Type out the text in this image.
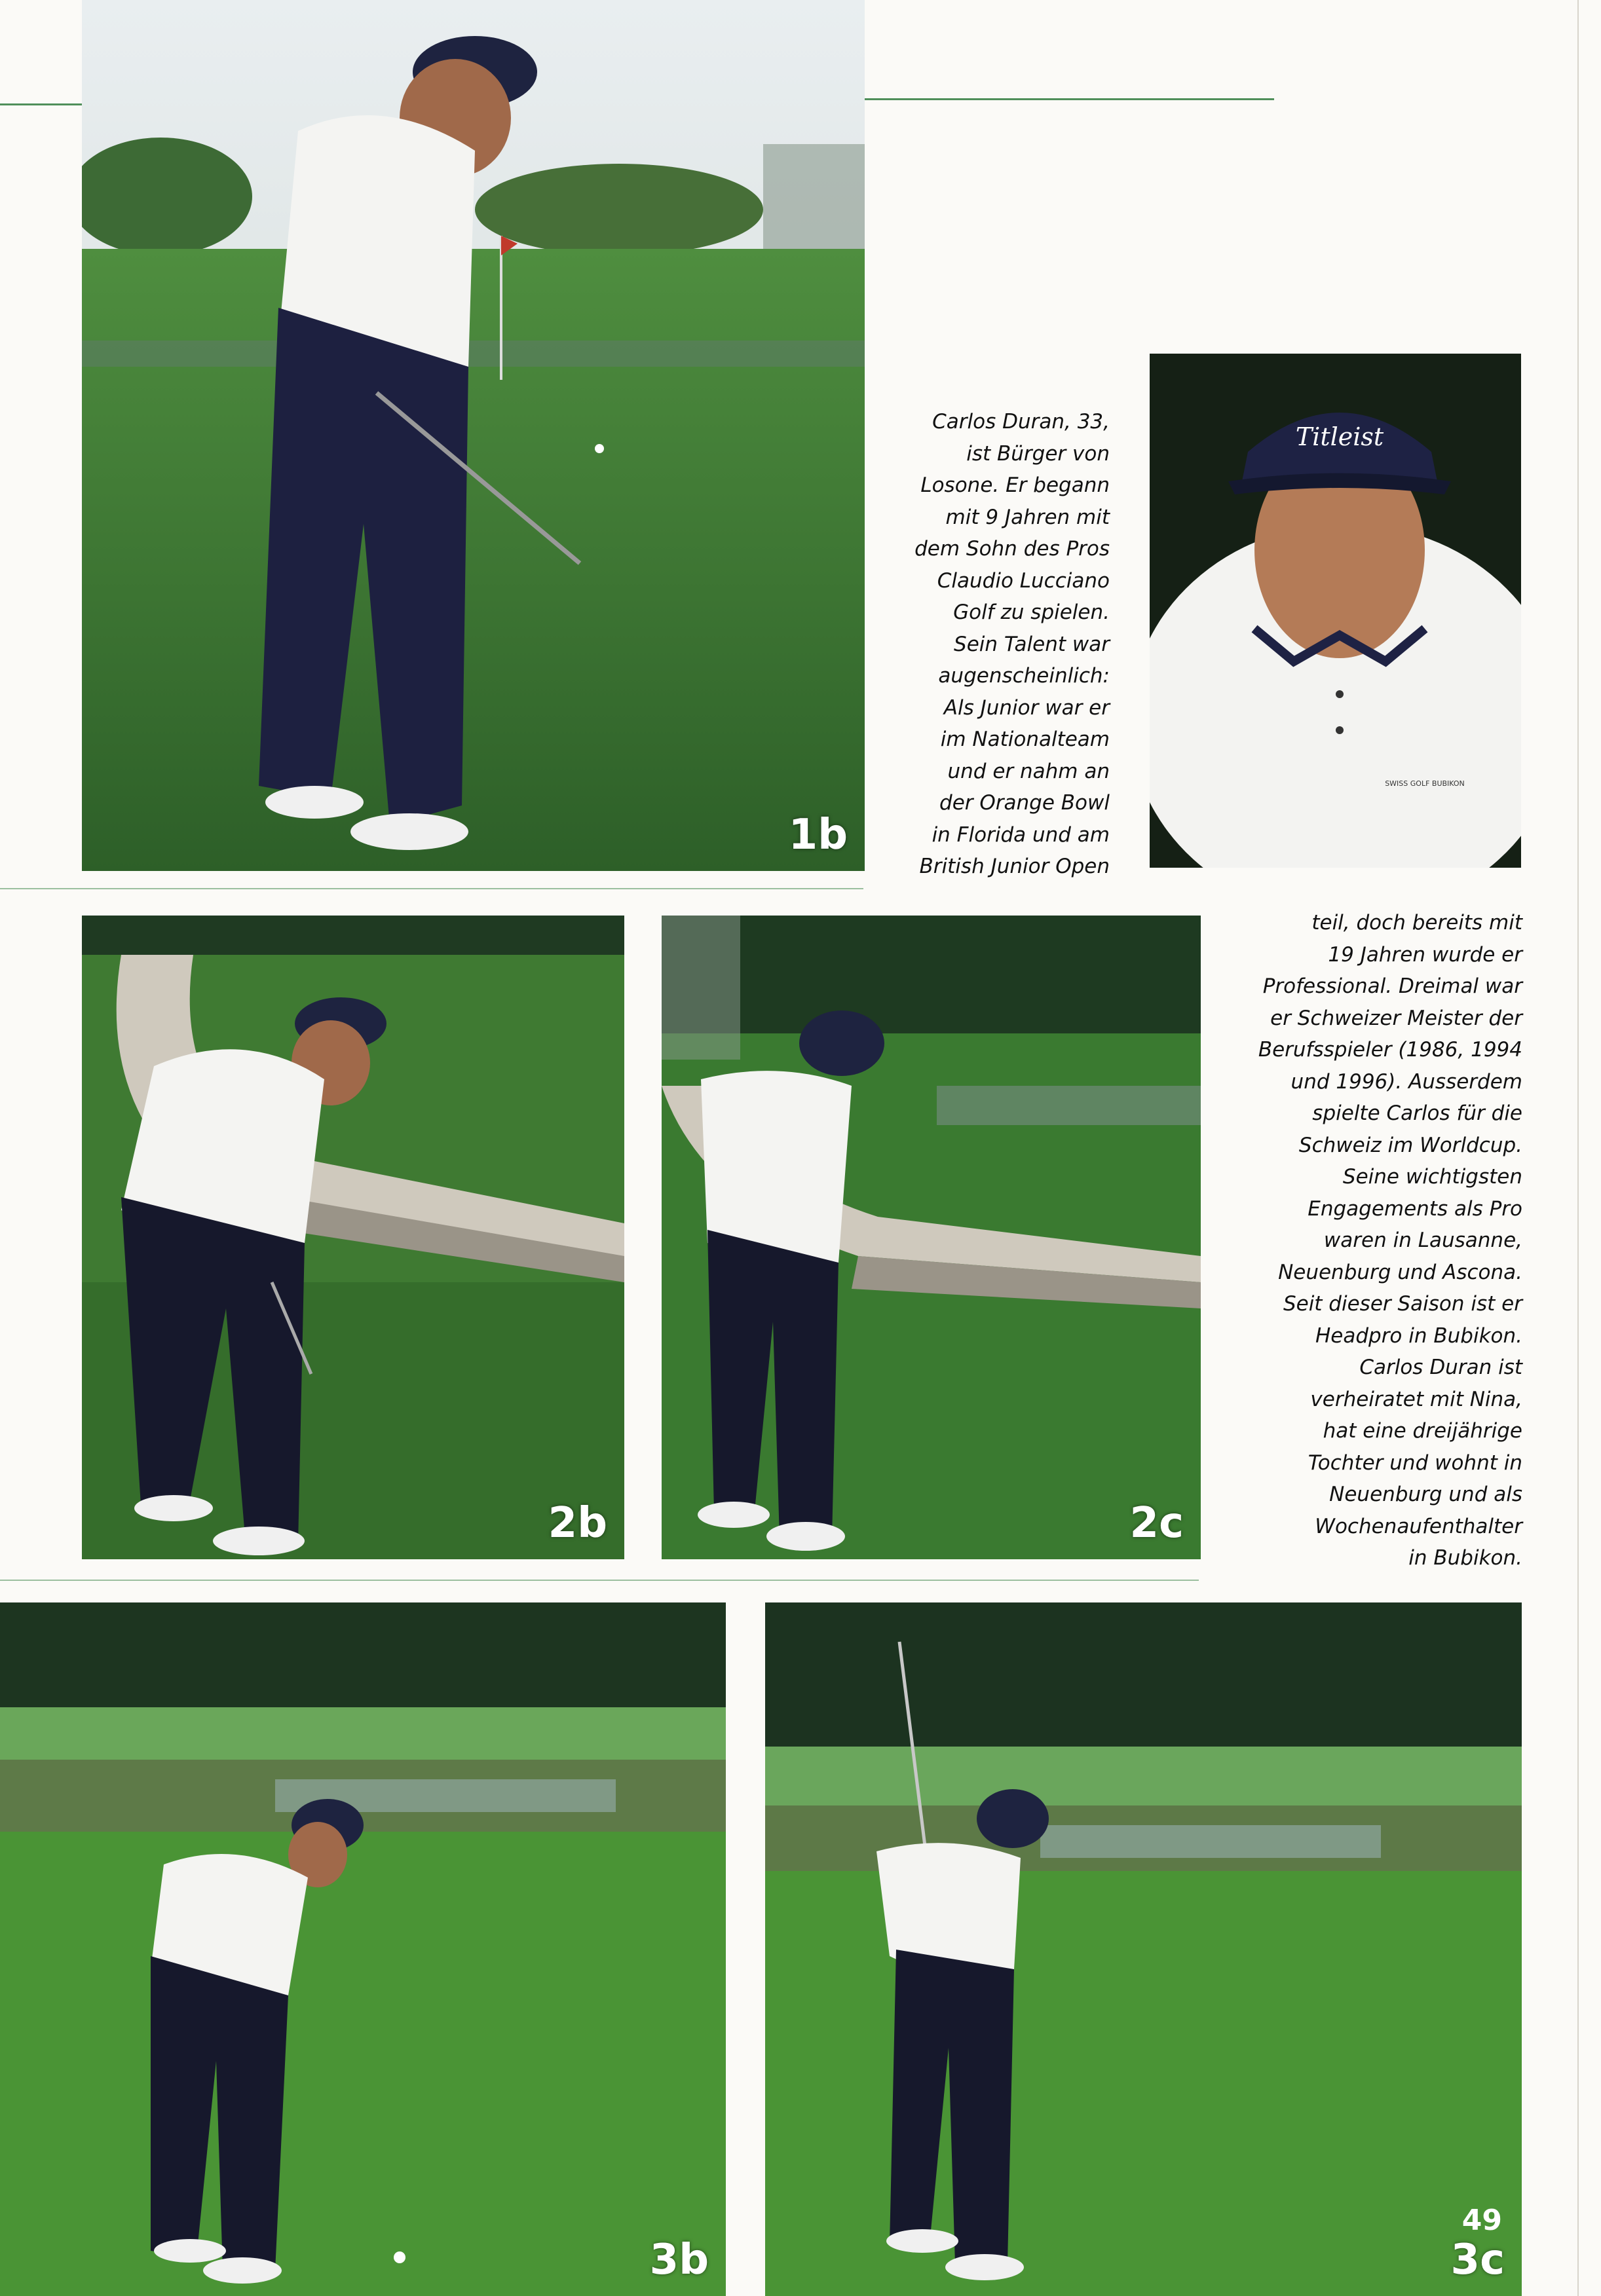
1b
Titleist
SWISS GOLF BUBIKON
Carlos Duran, 33,
ist Bürger von
Losone. Er begann
mit 9 Jahren mit
dem Sohn des Pros
Claudio Lucciano
Golf zu spielen.
Sein Talent war
augenscheinlich:
Als Junior war er
im Nationalteam
und er nahm an
der Orange Bowl
in Florida und am
British Junior Open
teil, doch bereits mit
19 Jahren wurde er
Professional. Dreimal war
er Schweizer Meister der
Berufsspieler (1986, 1994
und 1996). Ausserdem
spielte Carlos für die
Schweiz im Worldcup.
Seine wichtigsten
Engagements als Pro
waren in Lausanne,
Neuenburg und Ascona.
Seit dieser Saison ist er
Headpro in Bubikon.
Carlos Duran ist
verheiratet mit Nina,
hat eine dreijährige
Tochter und wohnt in
Neuenburg und als
Wochenaufenthalter
in Bubikon.
2b	2c
3b	3c
49
